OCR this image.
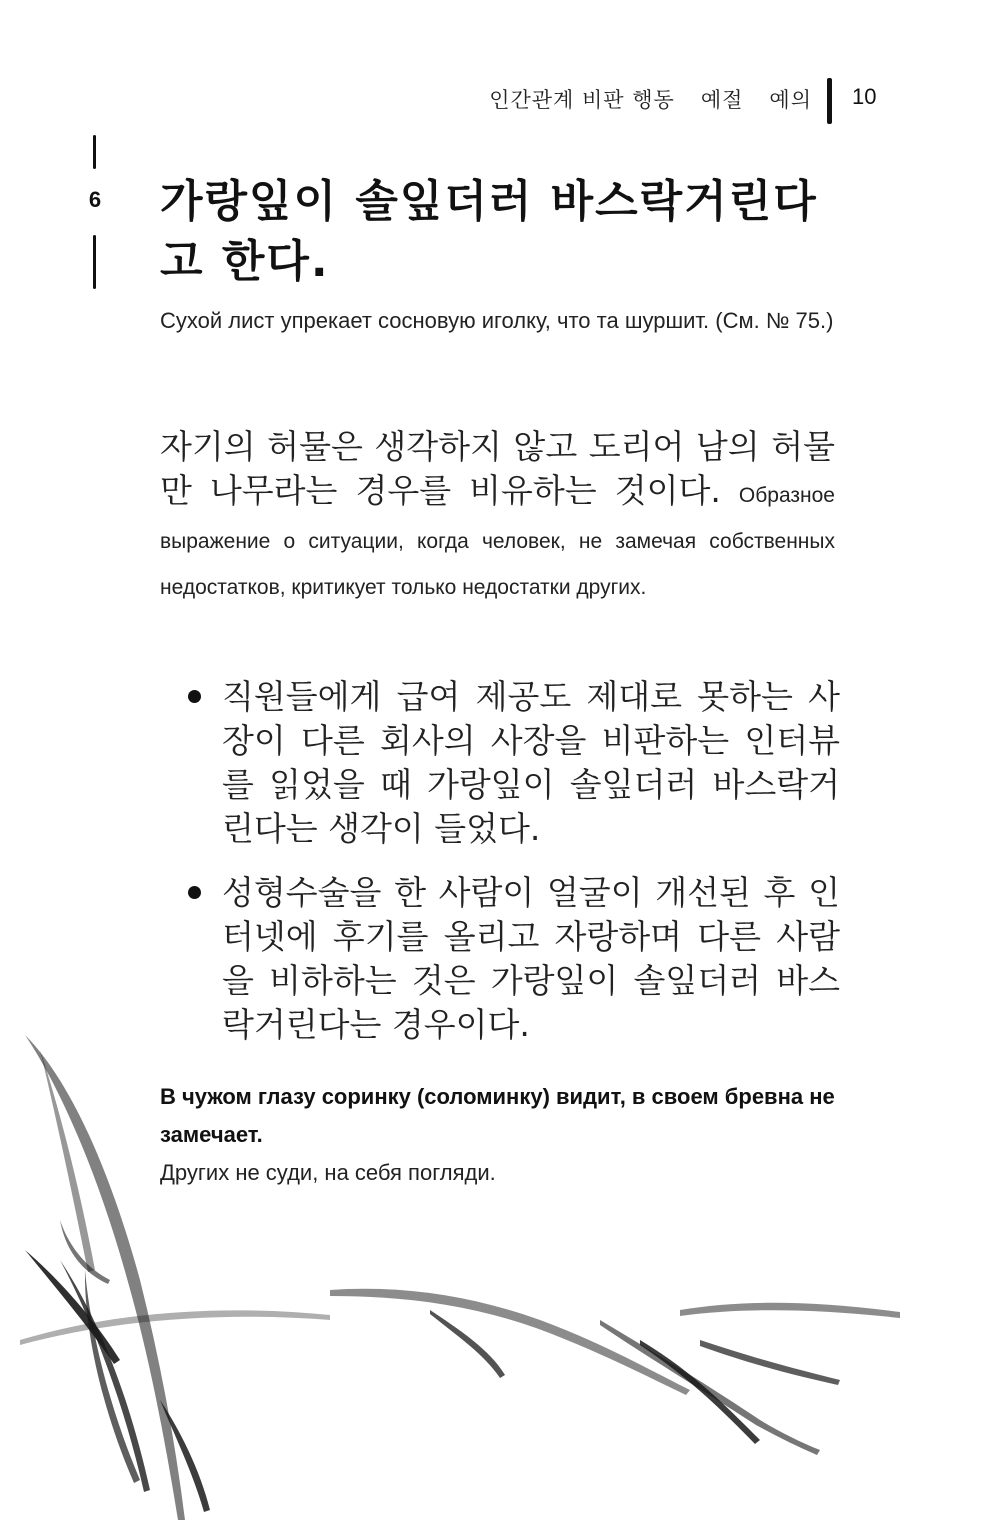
인간관계 비판 행동 예절 예의 10
6 가랑잎이 솔잎더러 바스락거린다고 한다.
Сухой лист упрекает сосновую иголку, что та шуршит. (См. № 75.)
자기의 허물은 생각하지 않고 도리어 남의 허물만 나무라는 경우를 비유하는 것이다. Образное выражение о ситуации, когда человек, не замечая собственных недостатков, критикует только недостатки других.
직원들에게 급여 제공도 제대로 못하는 사장이 다른 회사의 사장을 비판하는 인터뷰를 읽었을 때 가랑잎이 솔잎더러 바스락거린다는 생각이 들었다.
성형수술을 한 사람이 얼굴이 개선된 후 인터넷에 후기를 올리고 자랑하며 다른 사람을 비하하는 것은 가랑잎이 솔잎더러 바스락거린다는 경우이다.
В чужом глазу соринку (соломинку) видит, в своем бревна не замечает.
Других не суди, на себя погляди.
